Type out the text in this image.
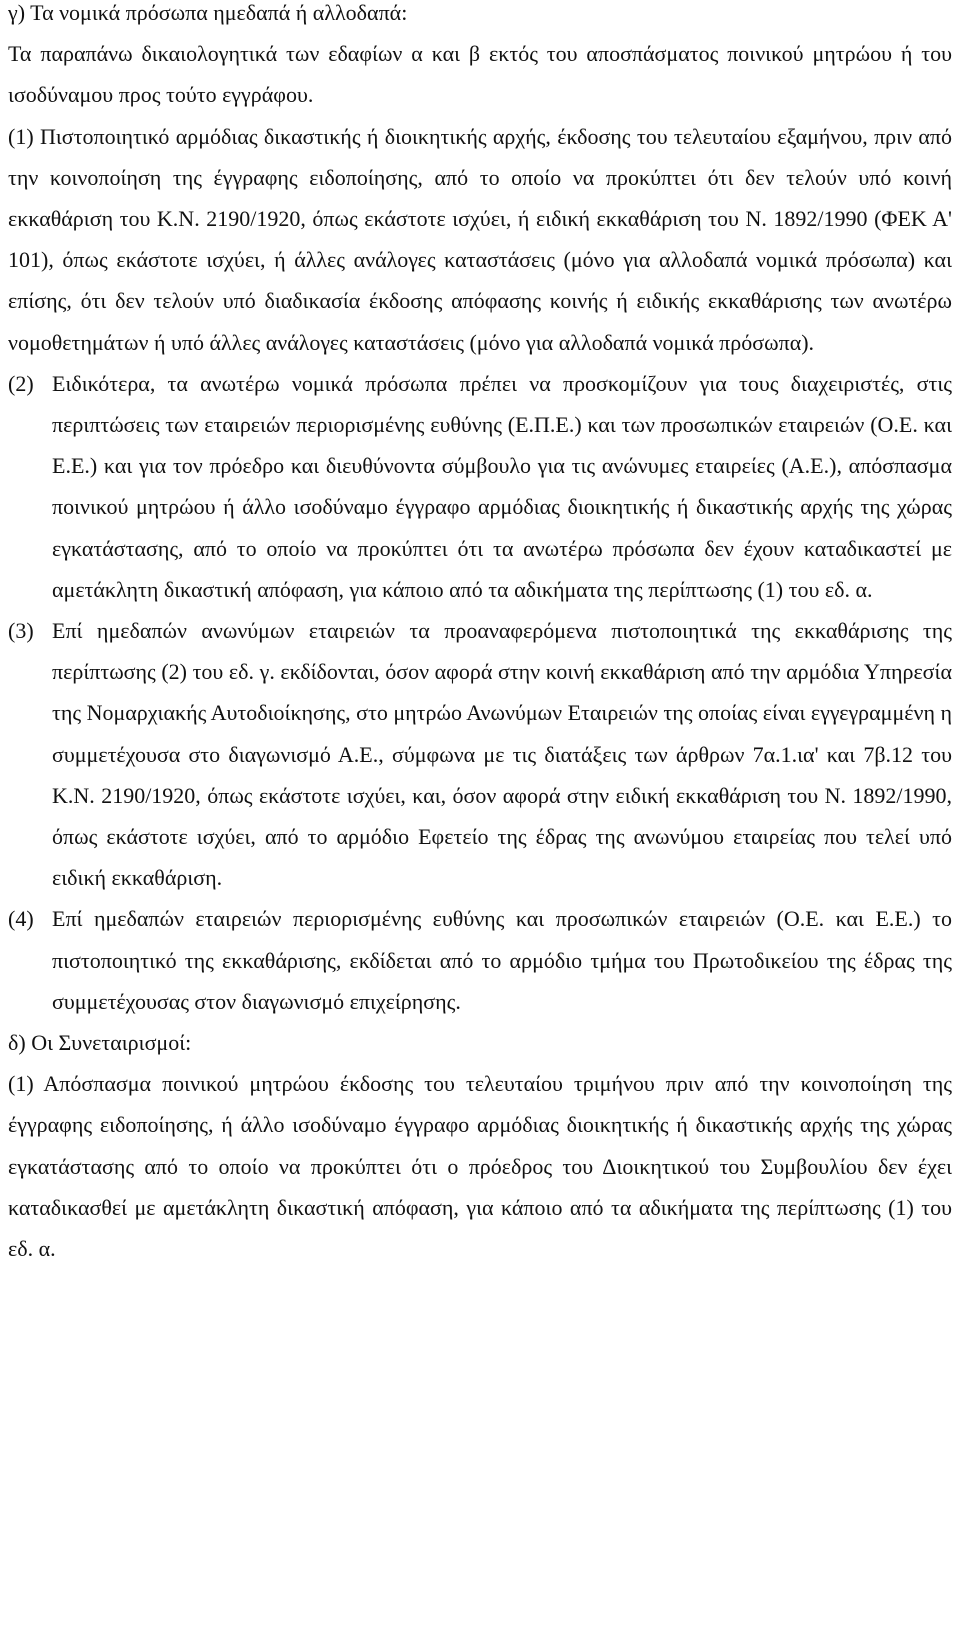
γ) Τα νομικά πρόσωπα ημεδαπά ή αλλοδαπά:

Τα παραπάνω δικαιολογητικά των εδαφίων α και β εκτός του αποσπάσματος ποινικού μητρώου ή του ισοδύναμου προς τούτο εγγράφου.

(1) Πιστοποιητικό αρμόδιας δικαστικής ή διοικητικής αρχής, έκδοσης του τελευταίου εξαμήνου, πριν από την κοινοποίηση της έγγραφης ειδοποίησης, από το οποίο να προκύπτει ότι δεν τελούν υπό κοινή εκκαθάριση του Κ.Ν. 2190/1920, όπως εκάστοτε ισχύει, ή ειδική εκκαθάριση του Ν. 1892/1990 (ΦΕΚ Α' 101), όπως εκάστοτε ισχύει, ή άλλες ανάλογες καταστάσεις (μόνο για αλλοδαπά νομικά πρόσωπα) και επίσης, ότι δεν τελούν υπό διαδικασία έκδοσης απόφασης κοινής ή ειδικής εκκαθάρισης των ανωτέρω νομοθετημάτων ή υπό άλλες ανάλογες καταστάσεις (μόνο για αλλοδαπά νομικά πρόσωπα).

(2) Ειδικότερα, τα ανωτέρω νομικά πρόσωπα πρέπει να προσκομίζουν για τους διαχειριστές, στις περιπτώσεις των εταιρειών περιορισμένης ευθύνης (Ε.Π.Ε.) και των προσωπικών εταιρειών (Ο.Ε. και Ε.Ε.) και για τον πρόεδρο και διευθύνοντα σύμβουλο για τις ανώνυμες εταιρείες (Α.Ε.), απόσπασμα ποινικού μητρώου ή άλλο ισοδύναμο έγγραφο αρμόδιας διοικητικής ή δικαστικής αρχής της χώρας εγκατάστασης, από το οποίο να προκύπτει ότι τα ανωτέρω πρόσωπα δεν έχουν καταδικαστεί με αμετάκλητη δικαστική απόφαση, για κάποιο από τα αδικήματα της περίπτωσης (1) του εδ. α.

(3) Επί ημεδαπών ανωνύμων εταιρειών τα προαναφερόμενα πιστοποιητικά της εκκαθάρισης της περίπτωσης (2) του εδ. γ. εκδίδονται, όσον αφορά στην κοινή εκκαθάριση από την αρμόδια Υπηρεσία της Νομαρχιακής Αυτοδιοίκησης, στο μητρώο Ανωνύμων Εταιρειών της οποίας είναι εγγεγραμμένη η συμμετέχουσα στο διαγωνισμό Α.Ε., σύμφωνα με τις διατάξεις των άρθρων 7α.1.ια' και 7β.12 του Κ.Ν. 2190/1920, όπως εκάστοτε ισχύει, και, όσον αφορά στην ειδική εκκαθάριση του Ν. 1892/1990, όπως εκάστοτε ισχύει, από το αρμόδιο Εφετείο της έδρας της ανωνύμου εταιρείας που τελεί υπό ειδική εκκαθάριση.

(4) Επί ημεδαπών εταιρειών περιορισμένης ευθύνης και προσωπικών εταιρειών (Ο.Ε. και Ε.Ε.) το πιστοποιητικό της εκκαθάρισης, εκδίδεται από το αρμόδιο τμήμα του Πρωτοδικείου της έδρας της συμμετέχουσας στον διαγωνισμό επιχείρησης.

δ) Οι Συνεταιρισμοί:

(1) Απόσπασμα ποινικού μητρώου έκδοσης του τελευταίου τριμήνου πριν από την κοινοποίηση της έγγραφης ειδοποίησης, ή άλλο ισοδύναμο έγγραφο αρμόδιας διοικητικής ή δικαστικής αρχής της χώρας εγκατάστασης από το οποίο να προκύπτει ότι ο πρόεδρος του Διοικητικού του Συμβουλίου δεν έχει καταδικασθεί με αμετάκλητη δικαστική απόφαση, για κάποιο από τα αδικήματα της περίπτωσης (1) του εδ. α.
